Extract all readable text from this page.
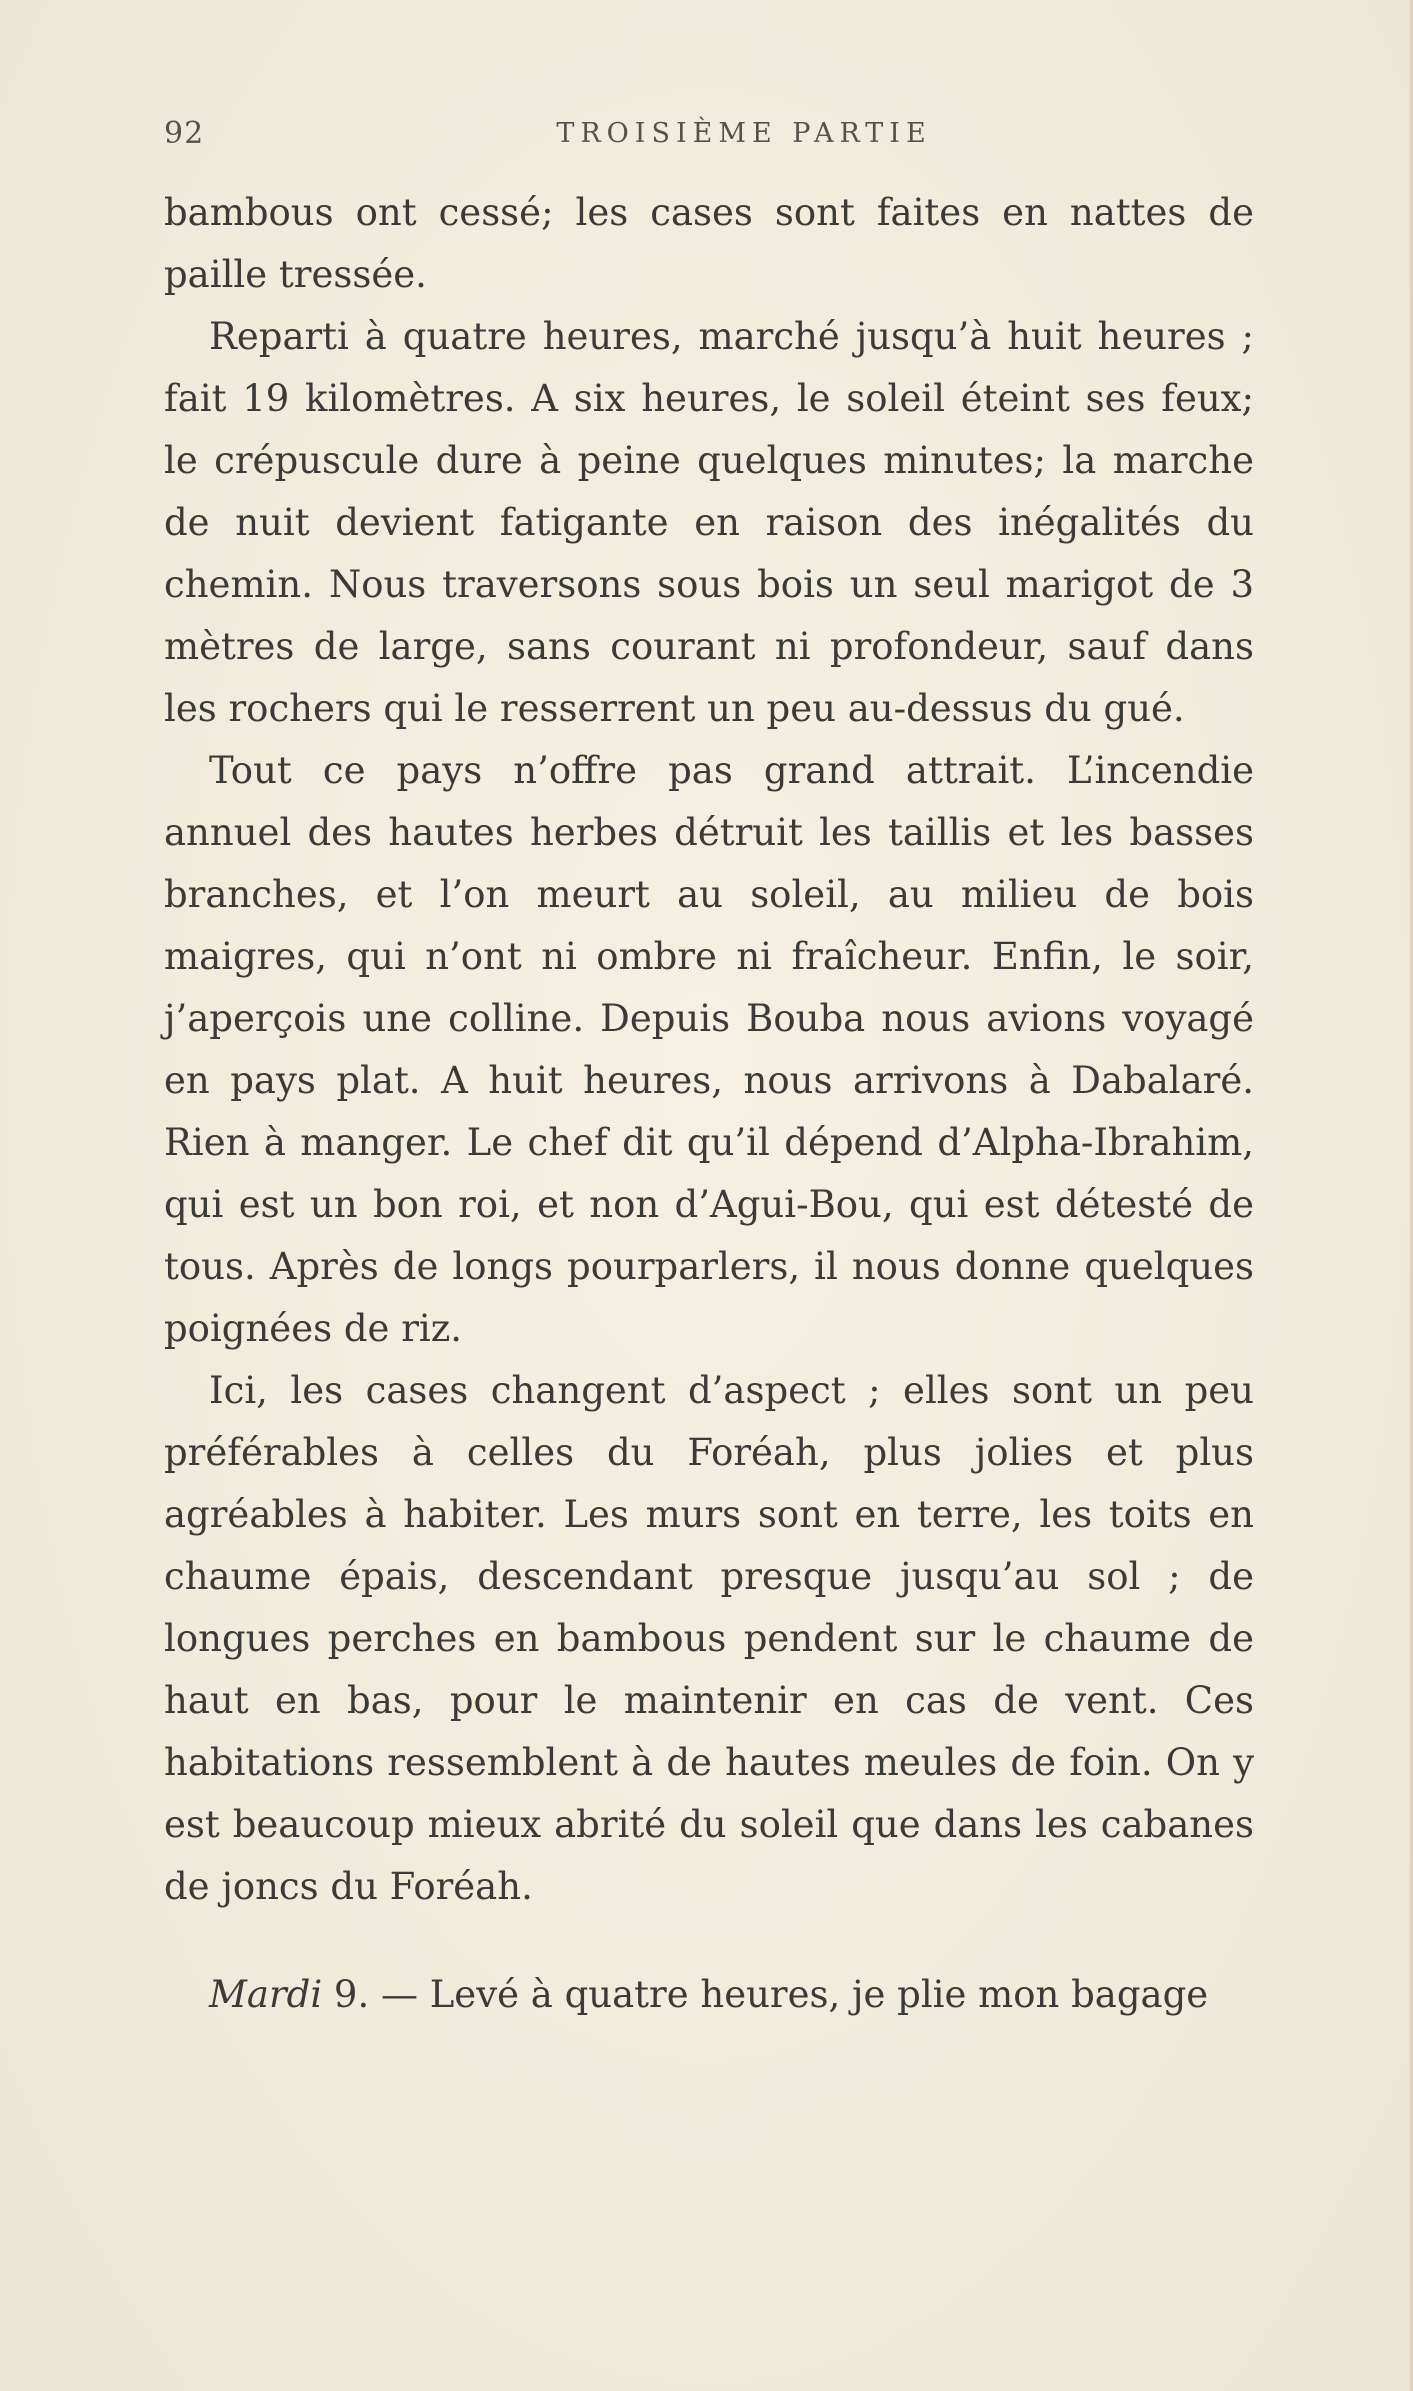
92	TROISIÈME PARTIE

bambous ont cessé; les cases sont faites en nattes de paille tressée.

Reparti à quatre heures, marché jusqu’à huit heures ; fait 19 kilomètres. A six heures, le soleil éteint ses feux; le crépuscule dure à peine quelques minutes; la marche de nuit devient fatigante en raison des inégalités du chemin. Nous traversons sous bois un seul marigot de 3 mètres de large, sans courant ni profondeur, sauf dans les rochers qui le resserrent un peu au-dessus du gué.

Tout ce pays n’offre pas grand attrait. L’incendie annuel des hautes herbes détruit les taillis et les basses branches, et l’on meurt au soleil, au milieu de bois maigres, qui n’ont ni ombre ni fraîcheur. Enfin, le soir, j’aperçois une colline. Depuis Bouba nous avions voyagé en pays plat. A huit heures, nous arrivons à Dabalaré. Rien à manger. Le chef dit qu’il dépend d’Alpha-Ibrahim, qui est un bon roi, et non d’Agui-Bou, qui est détesté de tous. Après de longs pourparlers, il nous donne quelques poignées de riz.

Ici, les cases changent d’aspect ; elles sont un peu préférables à celles du Foréah, plus jolies et plus agréables à habiter. Les murs sont en terre, les toits en chaume épais, descendant presque jusqu’au sol ; de longues perches en bambous pendent sur le chaume de haut en bas, pour le maintenir en cas de vent. Ces habitations ressemblent à de hautes meules de foin. On y est beaucoup mieux abrité du soleil que dans les cabanes de joncs du Foréah.

Mardi 9. — Levé à quatre heures, je plie mon bagage
